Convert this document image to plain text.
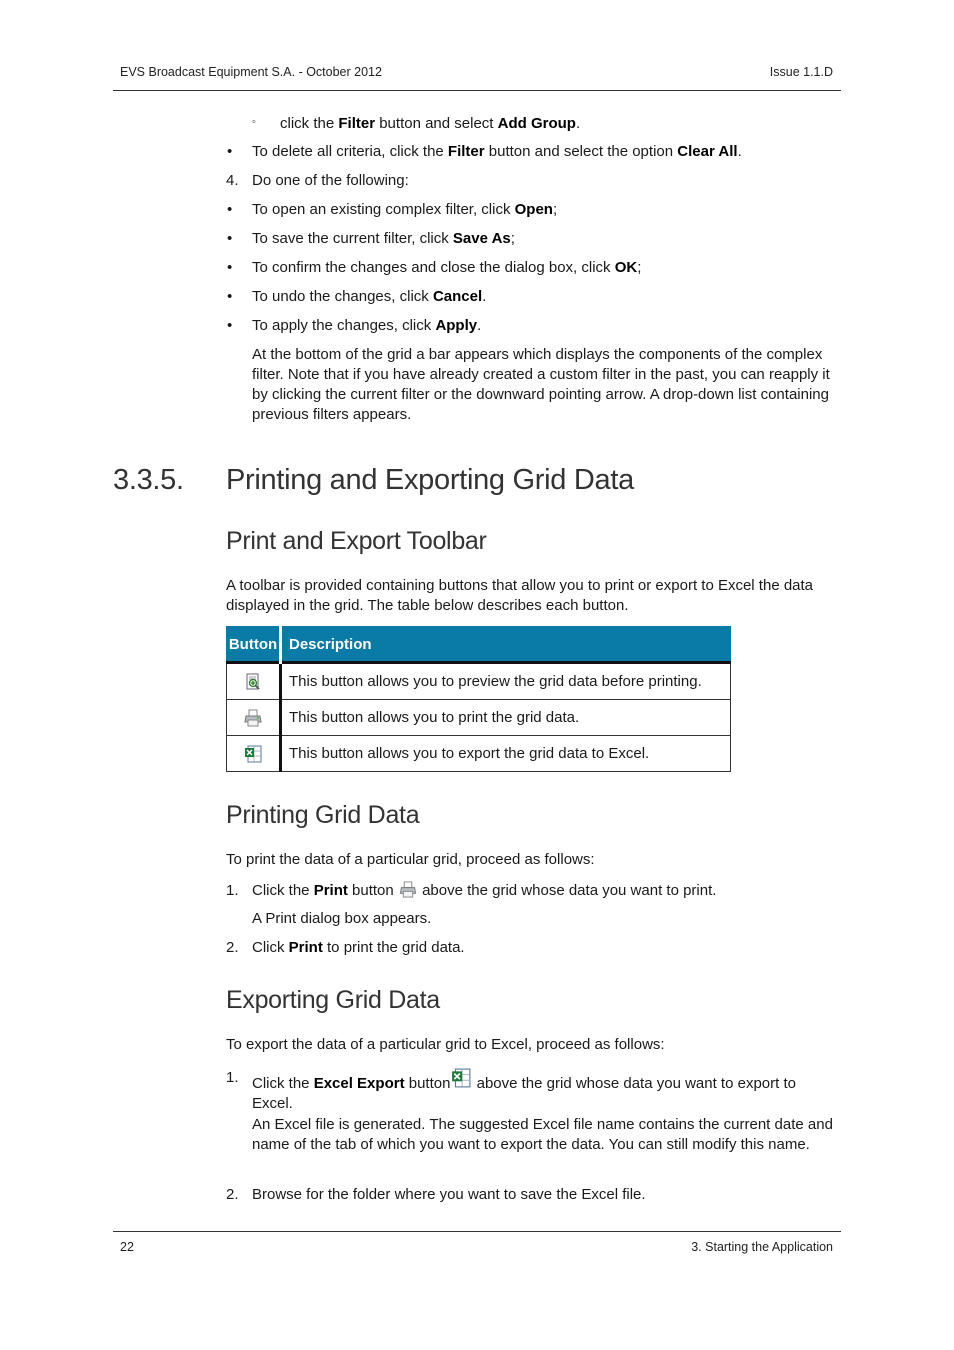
EVS Broadcast Equipment S.A. - October 2012	Issue 1.1.D
◦ click the Filter button and select Add Group.
• To delete all criteria, click the Filter button and select the option Clear All.
4. Do one of the following:
• To open an existing complex filter, click Open;
• To save the current filter, click Save As;
• To confirm the changes and close the dialog box, click OK;
• To undo the changes, click Cancel.
• To apply the changes, click Apply.
At the bottom of the grid a bar appears which displays the components of the complex filter. Note that if you have already created a custom filter in the past, you can reapply it by clicking the current filter or the downward pointing arrow. A drop-down list containing previous filters appears.
3.3.5. Printing and Exporting Grid Data
Print and Export Toolbar
A toolbar is provided containing buttons that allow you to print or export to Excel the data displayed in the grid. The table below describes each button.
Button	Description
	This button allows you to preview the grid data before printing.
	This button allows you to print the grid data.
	This button allows you to export the grid data to Excel.
Printing Grid Data
To print the data of a particular grid, proceed as follows:
1. Click the Print button  above the grid whose data you want to print.
A Print dialog box appears.
2. Click Print to print the grid data.
Exporting Grid Data
To export the data of a particular grid to Excel, proceed as follows:
1. Click the Excel Export button above the grid whose data you want to export to
Excel.
An Excel file is generated. The suggested Excel file name contains the current date and name of the tab of which you want to export the data. You can still modify this name.
2. Browse for the folder where you want to save the Excel file.
22	3. Starting the Application
